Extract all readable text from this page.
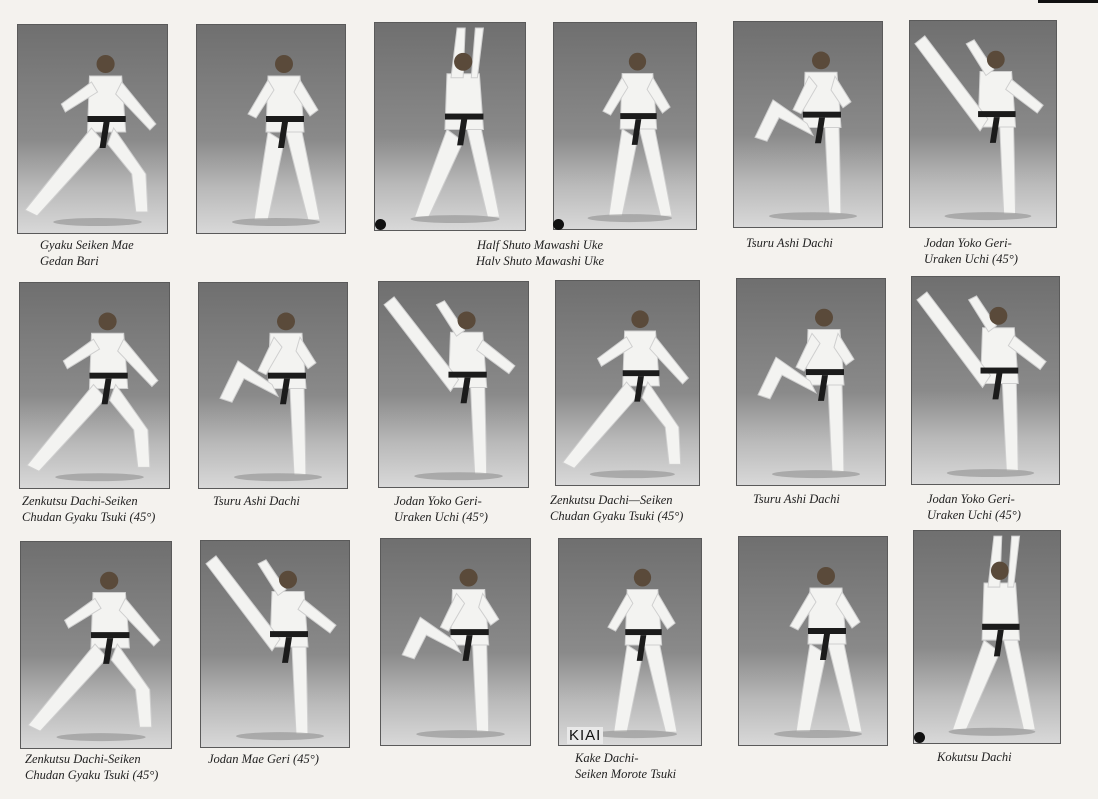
KIAI
Gyaku Seiken Mae
Gedan Bari
Half Shuto Mawashi Uke
Halv Shuto Mawashi Uke
Tsuru Ashi Dachi	Jodan Yoko Geri-
Uraken Uchi (45°)
Zenkutsu Dachi-Seiken
Chudan Gyaku Tsuki (45°)
Tsuru Ashi Dachi	Jodan Yoko Geri-
Uraken Uchi (45°)
Zenkutsu Dachi—Seiken
Chudan Gyaku Tsuki (45°)
Tsuru Ashi Dachi	Jodan Yoko Geri-
Uraken Uchi (45°)
Zenkutsu Dachi-Seiken
Chudan Gyaku Tsuki (45°)
Jodan Mae Geri (45°)	Kake Dachi-
Seiken Morote Tsuki
Kokutsu Dachi
